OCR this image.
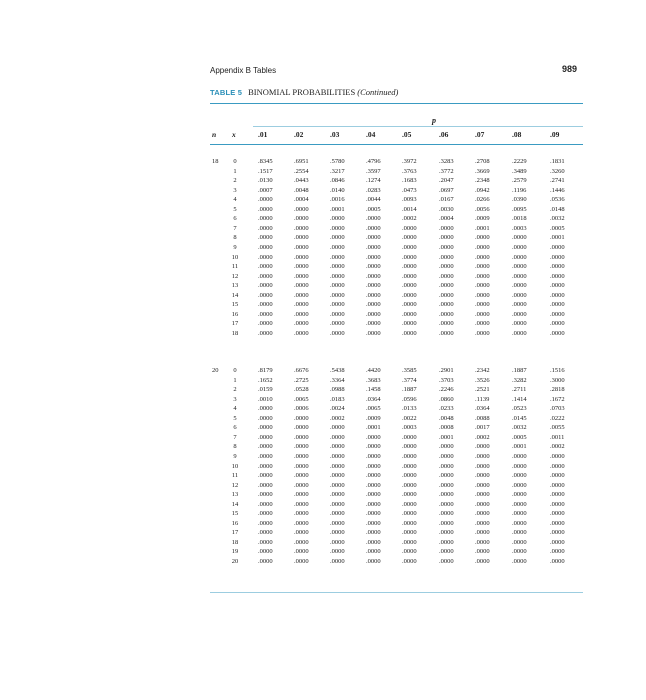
Appendix B Tables	989
TABLE 5 BINOMIAL PROBABILITIES (Continued)
p
n x	.01	.02	.03	.04	.05	.06	.07	.08	.09
18 0	.8345	.6951	.5780	.4796	.3972	.3283	.2708	.2229	.1831
1	.1517	.2554	.3217	.3597	.3763	.3772	.3669	.3489	.3260
2	.0130	.0443	.0846	.1274	.1683	.2047	.2348	.2579	.2741
3	.0007	.0048	.0140	.0283	.0473	.0697	.0942	.1196	.1446
4	.0000	.0004	.0016	.0044	.0093	.0167	.0266	.0390	.0536
5	.0000	.0000	.0001	.0005	.0014	.0030	.0056	.0095	.0148
6	.0000	.0000	.0000	.0000	.0002	.0004	.0009	.0018	.0032
7	.0000	.0000	.0000	.0000	.0000	.0000	.0001	.0003	.0005
8	.0000	.0000	.0000	.0000	.0000	.0000	.0000	.0000	.0001
9	.0000	.0000	.0000	.0000	.0000	.0000	.0000	.0000	.0000
10	.0000	.0000	.0000	.0000	.0000	.0000	.0000	.0000	.0000
11	.0000	.0000	.0000	.0000	.0000	.0000	.0000	.0000	.0000
12	.0000	.0000	.0000	.0000	.0000	.0000	.0000	.0000	.0000
13	.0000	.0000	.0000	.0000	.0000	.0000	.0000	.0000	.0000
14	.0000	.0000	.0000	.0000	.0000	.0000	.0000	.0000	.0000
15	.0000	.0000	.0000	.0000	.0000	.0000	.0000	.0000	.0000
16	.0000	.0000	.0000	.0000	.0000	.0000	.0000	.0000	.0000
17	.0000	.0000	.0000	.0000	.0000	.0000	.0000	.0000	.0000
18	.0000	.0000	.0000	.0000	.0000	.0000	.0000	.0000	.0000
20 0	.8179	.6676	.5438	.4420	.3585	.2901	.2342	.1887	.1516
1	.1652	.2725	.3364	.3683	.3774	.3703	.3526	.3282	.3000
2	.0159	.0528	.0988	.1458	.1887	.2246	.2521	.2711	.2818
3	.0010	.0065	.0183	.0364	.0596	.0860	.1139	.1414	.1672
4	.0000	.0006	.0024	.0065	.0133	.0233	.0364	.0523	.0703
5	.0000	.0000	.0002	.0009	.0022	.0048	.0088	.0145	.0222
6	.0000	.0000	.0000	.0001	.0003	.0008	.0017	.0032	.0055
7	.0000	.0000	.0000	.0000	.0000	.0001	.0002	.0005	.0011
8	.0000	.0000	.0000	.0000	.0000	.0000	.0000	.0001	.0002
9	.0000	.0000	.0000	.0000	.0000	.0000	.0000	.0000	.0000
10	.0000	.0000	.0000	.0000	.0000	.0000	.0000	.0000	.0000
11	.0000	.0000	.0000	.0000	.0000	.0000	.0000	.0000	.0000
12	.0000	.0000	.0000	.0000	.0000	.0000	.0000	.0000	.0000
13	.0000	.0000	.0000	.0000	.0000	.0000	.0000	.0000	.0000
14	.0000	.0000	.0000	.0000	.0000	.0000	.0000	.0000	.0000
15	.0000	.0000	.0000	.0000	.0000	.0000	.0000	.0000	.0000
16	.0000	.0000	.0000	.0000	.0000	.0000	.0000	.0000	.0000
17	.0000	.0000	.0000	.0000	.0000	.0000	.0000	.0000	.0000
18	.0000	.0000	.0000	.0000	.0000	.0000	.0000	.0000	.0000
19	.0000	.0000	.0000	.0000	.0000	.0000	.0000	.0000	.0000
20	.0000	.0000	.0000	.0000	.0000	.0000	.0000	.0000	.0000
